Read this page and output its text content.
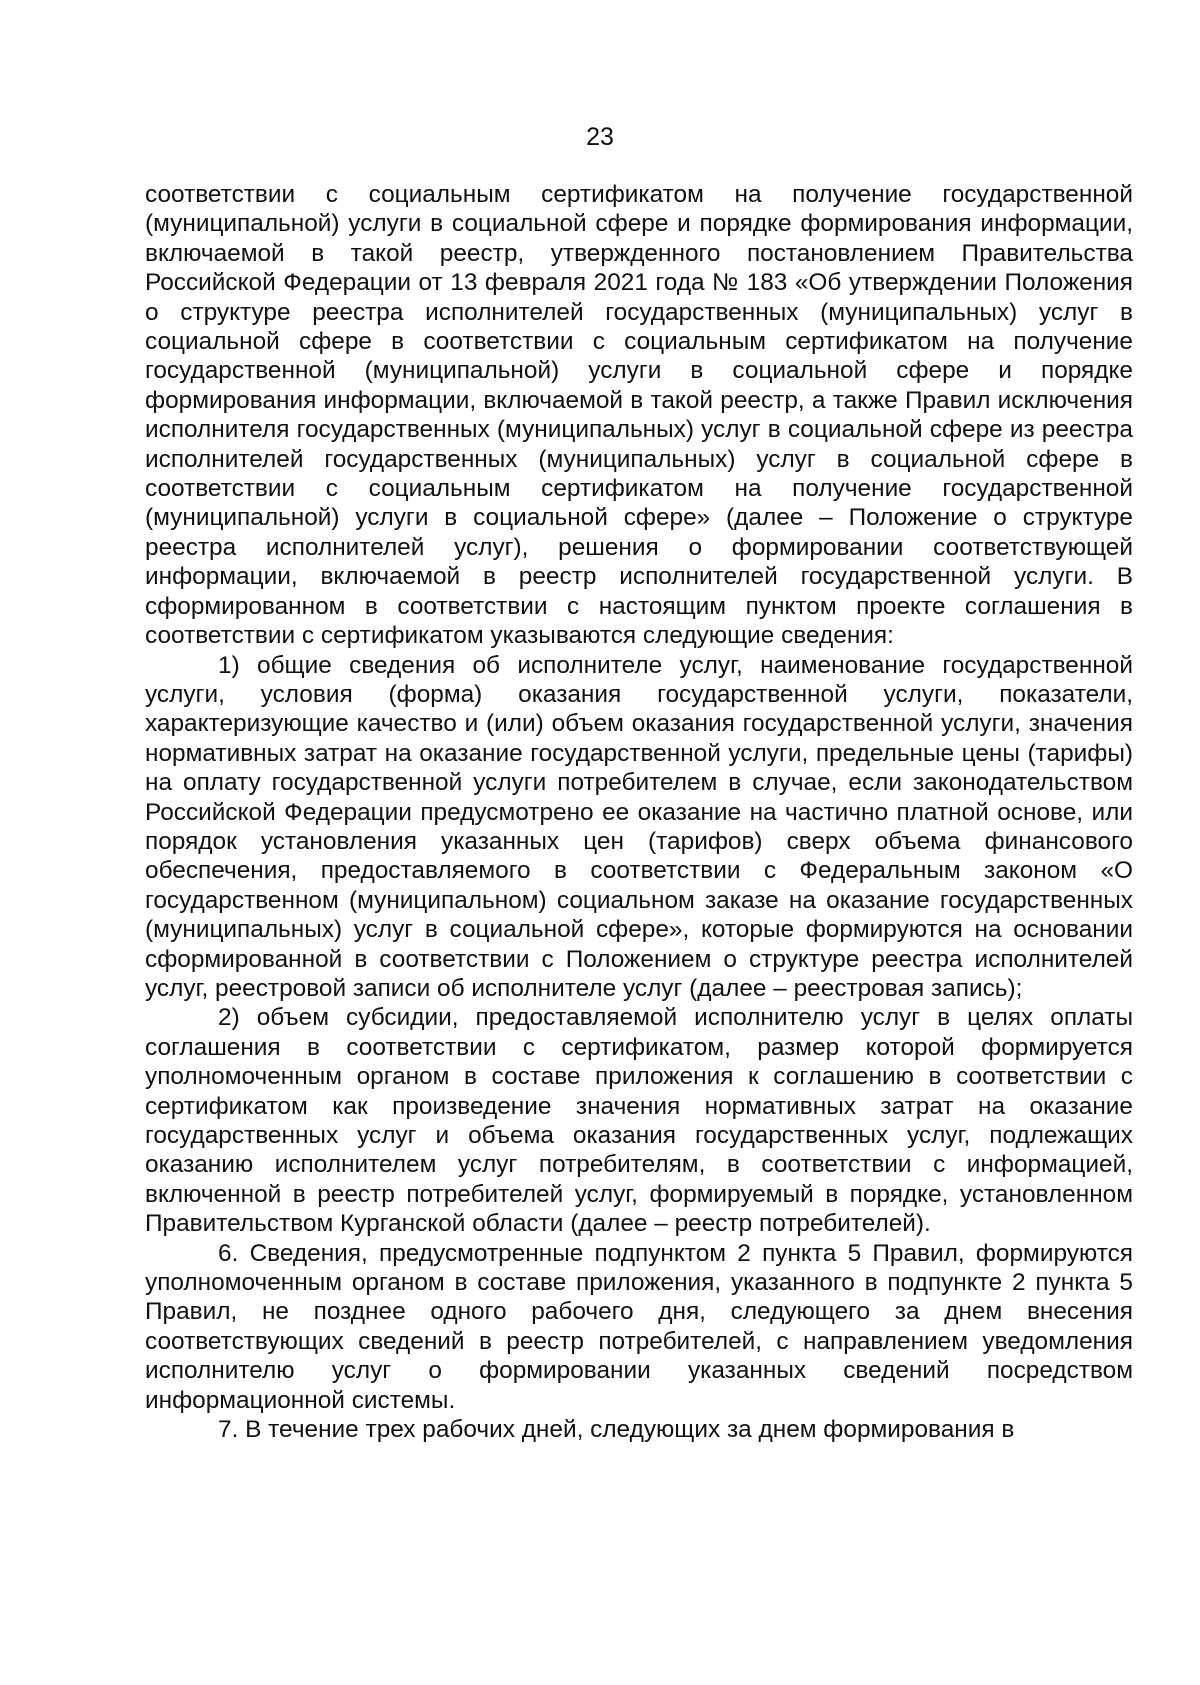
23

соответствии с социальным сертификатом на получение государственной (муниципальной) услуги в социальной сфере и порядке формирования информации, включаемой в такой реестр, утвержденного постановлением Правительства Российской Федерации от 13 февраля 2021 года № 183 «Об утверждении Положения о структуре реестра исполнителей государственных (муниципальных) услуг в социальной сфере в соответствии с социальным сертификатом на получение государственной (муниципальной) услуги в социальной сфере и порядке формирования информации, включаемой в такой реестр, а также Правил исключения исполнителя государственных (муниципальных) услуг в социальной сфере из реестра исполнителей государственных (муниципальных) услуг в социальной сфере в соответствии с социальным сертификатом на получение государственной (муниципальной) услуги в социальной сфере» (далее – Положение о структуре реестра исполнителей услуг), решения о формировании соответствующей информации, включаемой в реестр исполнителей государственной услуги. В сформированном в соответствии с настоящим пунктом проекте соглашения в соответствии с сертификатом указываются следующие сведения:

1) общие сведения об исполнителе услуг, наименование государственной услуги, условия (форма) оказания государственной услуги, показатели, характеризующие качество и (или) объем оказания государственной услуги, значения нормативных затрат на оказание государственной услуги, предельные цены (тарифы) на оплату государственной услуги потребителем в случае, если законодательством Российской Федерации предусмотрено ее оказание на частично платной основе, или порядок установления указанных цен (тарифов) сверх объема финансового обеспечения, предоставляемого в соответствии с Федеральным законом «О государственном (муниципальном) социальном заказе на оказание государственных (муниципальных) услуг в социальной сфере», которые формируются на основании сформированной в соответствии с Положением о структуре реестра исполнителей услуг, реестровой записи об исполнителе услуг (далее – реестровая запись);

2) объем субсидии, предоставляемой исполнителю услуг в целях оплаты соглашения в соответствии с сертификатом, размер которой формируется уполномоченным органом в составе приложения к соглашению в соответствии с сертификатом как произведение значения нормативных затрат на оказание государственных услуг и объема оказания государственных услуг, подлежащих оказанию исполнителем услуг потребителям, в соответствии с информацией, включенной в реестр потребителей услуг, формируемый в порядке, установленном Правительством Курганской области (далее – реестр потребителей).

6. Сведения, предусмотренные подпунктом 2 пункта 5 Правил, формируются уполномоченным органом в составе приложения, указанного в подпункте 2 пункта 5 Правил, не позднее одного рабочего дня, следующего за днем внесения соответствующих сведений в реестр потребителей, с направлением уведомления исполнителю услуг о формировании указанных сведений посредством информационной системы.

7. В течение трех рабочих дней, следующих за днем формирования в
